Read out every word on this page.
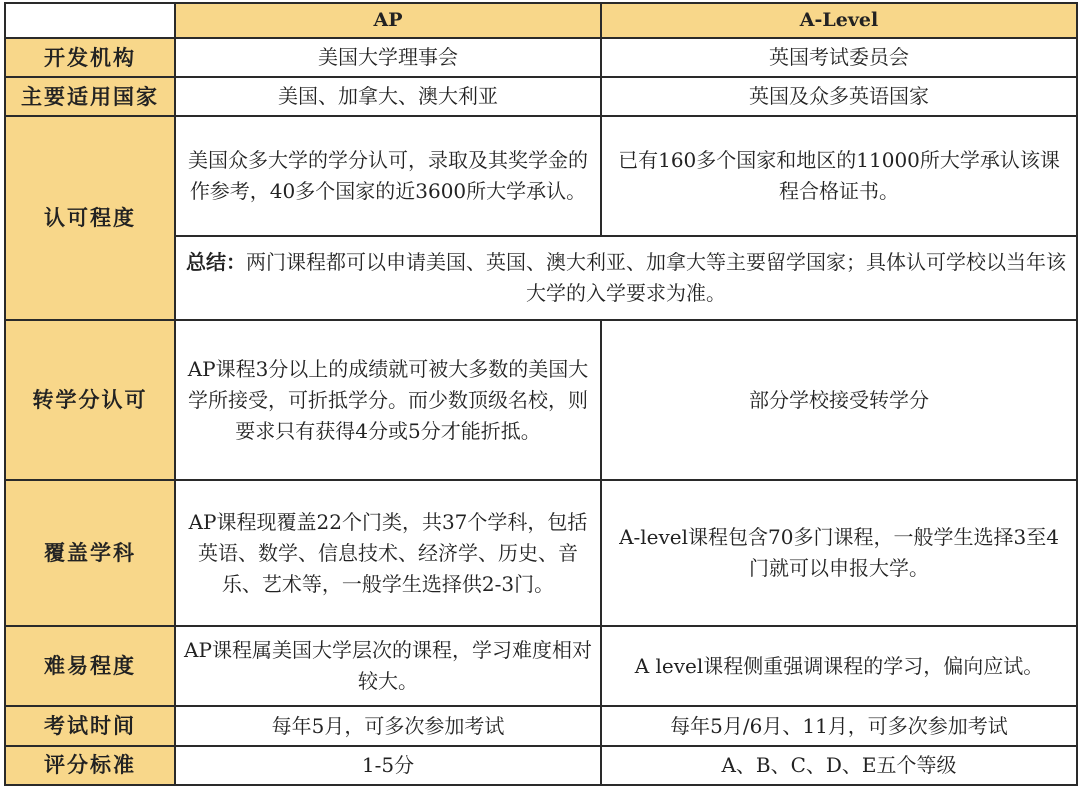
	AP	A-Level
开发机构	美国大学理事会	英国考试委员会
主要适用国家	美国、加拿大、澳大利亚	英国及众多英语国家
认可程度	美国众多大学的学分认可，录取及其奖学金的作参考，40多个国家的近3600所大学承认。	已有160多个国家和地区的11000所大学承认该课程合格证书。
	总结：两门课程都可以申请美国、英国、澳大利亚、加拿大等主要留学国家；具体认可学校以当年该大学的入学要求为准。	
转学分认可	AP课程3分以上的成绩就可被大多数的美国大学所接受，可折抵学分。而少数顶级名校，则要求只有获得4分或5分才能折抵。	部分学校接受转学分
覆盖学科	AP课程现覆盖22个门类，共37个学科，包括英语、数学、信息技术、经济学、历史、音乐、艺术等，一般学生选择供2-3门。	A-level课程包含70多门课程，一般学生选择3至4门就可以申报大学。
难易程度	AP课程属美国大学层次的课程，学习难度相对较大。	A level课程侧重强调课程的学习，偏向应试。
考试时间	每年5月，可多次参加考试	每年5月/6月、11月，可多次参加考试
评分标准	1-5分	A、B、C、D、E五个等级
